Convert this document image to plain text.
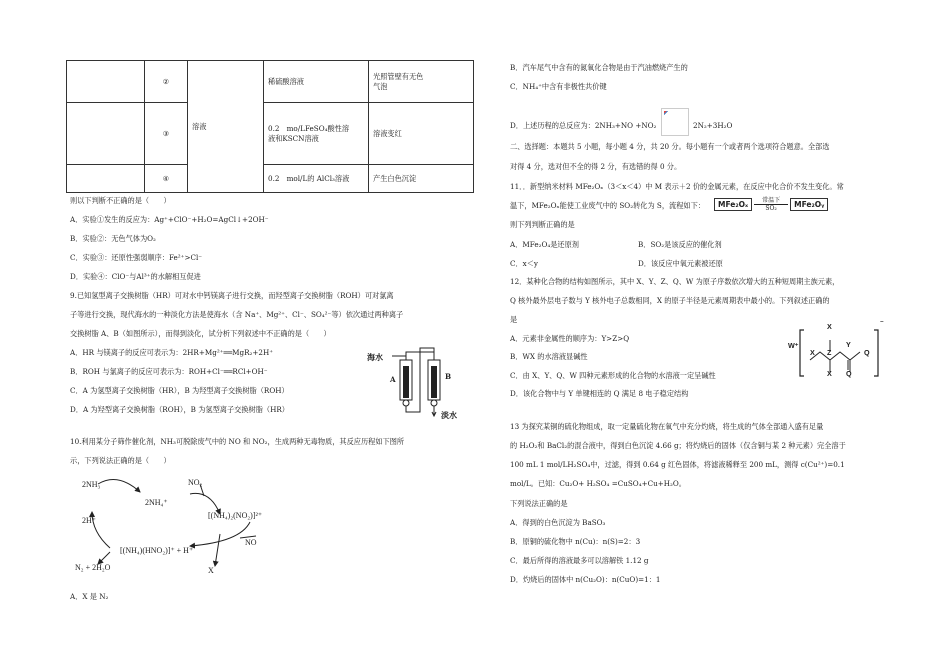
	②	溶液	稀硫酸溶液	光照管壁有无色
气泡

	③		0.2　mo/LFeSO₄酸性溶
液和KSCN溶液	溶液变红
	④		0.2　mol/L的 AlCl₃溶液	产生白色沉淀
则以下判断不正确的是（　　）
A．实验①发生的反应为：Ag⁺+ClO⁻+H₂O=AgCl↓+2OH⁻
B．实验②：无色气体为O₂
C．实验③：还原性强弱顺序：Fe²⁺>Cl⁻
D．实验④：ClO⁻与Al³⁺的水解相互促进
9.已知氢型离子交换树脂（HR）可对水中钙镁离子进行交换，而羟型离子交换树脂（ROH）可对氯离
子等进行交换，现代海水的一种淡化方法是使海水（含 Na⁺、Mg²⁺、Cl⁻、SO₄²⁻等）依次通过两种离子
交换树脂 A、B（如图所示），而得到淡化，试分析下列叙述中不正确的是（　　）
A．HR 与镁离子的反应可表示为：2HR+Mg²⁺══MgR₂+2H⁺
B．ROH 与氯离子的反应可表示为：ROH+Cl⁻══RCl+OH⁻
C．A 为氢型离子交换树脂（HR），B 为羟型离子交换树脂（ROH）
D．A 为羟型离子交换树脂（ROH），B 为氢型离子交换树脂（HR）
海水
A	B
淡水
10.利用某分子筛作催化剂，NH₃可脱除废气中的 NO 和 NO₂，生成两种无毒物质，其反应历程如下图所
示，下列说法正确的是（　　）
2NH₃
2NH₄⁺
NO₂
[(NH₄)₂(NO₂)]²⁺
2H⁺
NO
[(NH₄)(HNO₂)]⁺ + H⁺
N₂ + 2H₂O	X
A．X 是 N₂
B．汽车尾气中含有的氮氧化合物是由于汽油燃烧产生的
C．NH₄⁺中含有非极性共价键
D．上述历程的总反应为：2NH₃+NO +NO₂	2N₂+3H₂O
二、选择题：本题共 5 小题，每小题 4 分，共 20 分。每小题有一个或者两个选项符合题意。全部选
对得 4 分，选对但不全的得 2 分，有选错的得 0 分。
11．．新型纳米材料 MFe₂Oₓ（3＜x＜4）中 M 表示＋2 价的金属元素，在反应中化合价不发生变化。常
温下，MFe₂Oₓ能使工业废气中的 SO₂转化为 S，流程如下：	MFe₂Oₓ	常温下
SO₂	MFe₂Oᵧ
则下列判断正确的是
A．MFe₂O₄是还原剂	B．SO₂是该反应的催化剂
C．x＜y	D．该反应中氧元素被还原
12．某种化合物的结构如图所示，其中 X、Y、Z、Q、W 为原子序数依次增大的五种短周期主族元素，
Q 核外最外层电子数与 Y 核外电子总数相同，X 的原子半径是元素周期表中最小的。下列叙述正确的
是
A．元素非金属性的顺序为：Y>Z>Q
B．WX 的水溶液显碱性
C．由 X、Y、Q、W 四种元素形成的化合物的水溶液一定呈碱性
D．该化合物中与 Y 单键相连的 Q 满足 8 电子稳定结构
W⁺
X
X Z
Y
Q
X Q
⁻
13 为探究某铜的硫化物组成，取一定量硫化物在氧气中充分灼烧，将生成的气体全部通入盛有足量
的 H₂O₂和 BaCl₂的混合液中，得到白色沉淀 4.66 g；将灼烧后的固体（仅含铜与某 2 种元素）完全溶于
100 mL 1 mol/LH₂SO₄中，过滤，得到 0.64 g 红色固体，将滤液稀释至 200 mL，测得 c(Cu²⁺)=0.1
mol/L。已知：Cu₂O+ H₂SO₄ =CuSO₄+Cu+H₂O。
下列说法正确的是
A．得到的白色沉淀为 BaSO₃
B．原铜的硫化物中 n(Cu)：n(S)=2：3
C．最后所得的溶液最多可以溶解铁 1.12 g
D．灼烧后的固体中 n(Cu₂O)：n(CuO)=1：1
